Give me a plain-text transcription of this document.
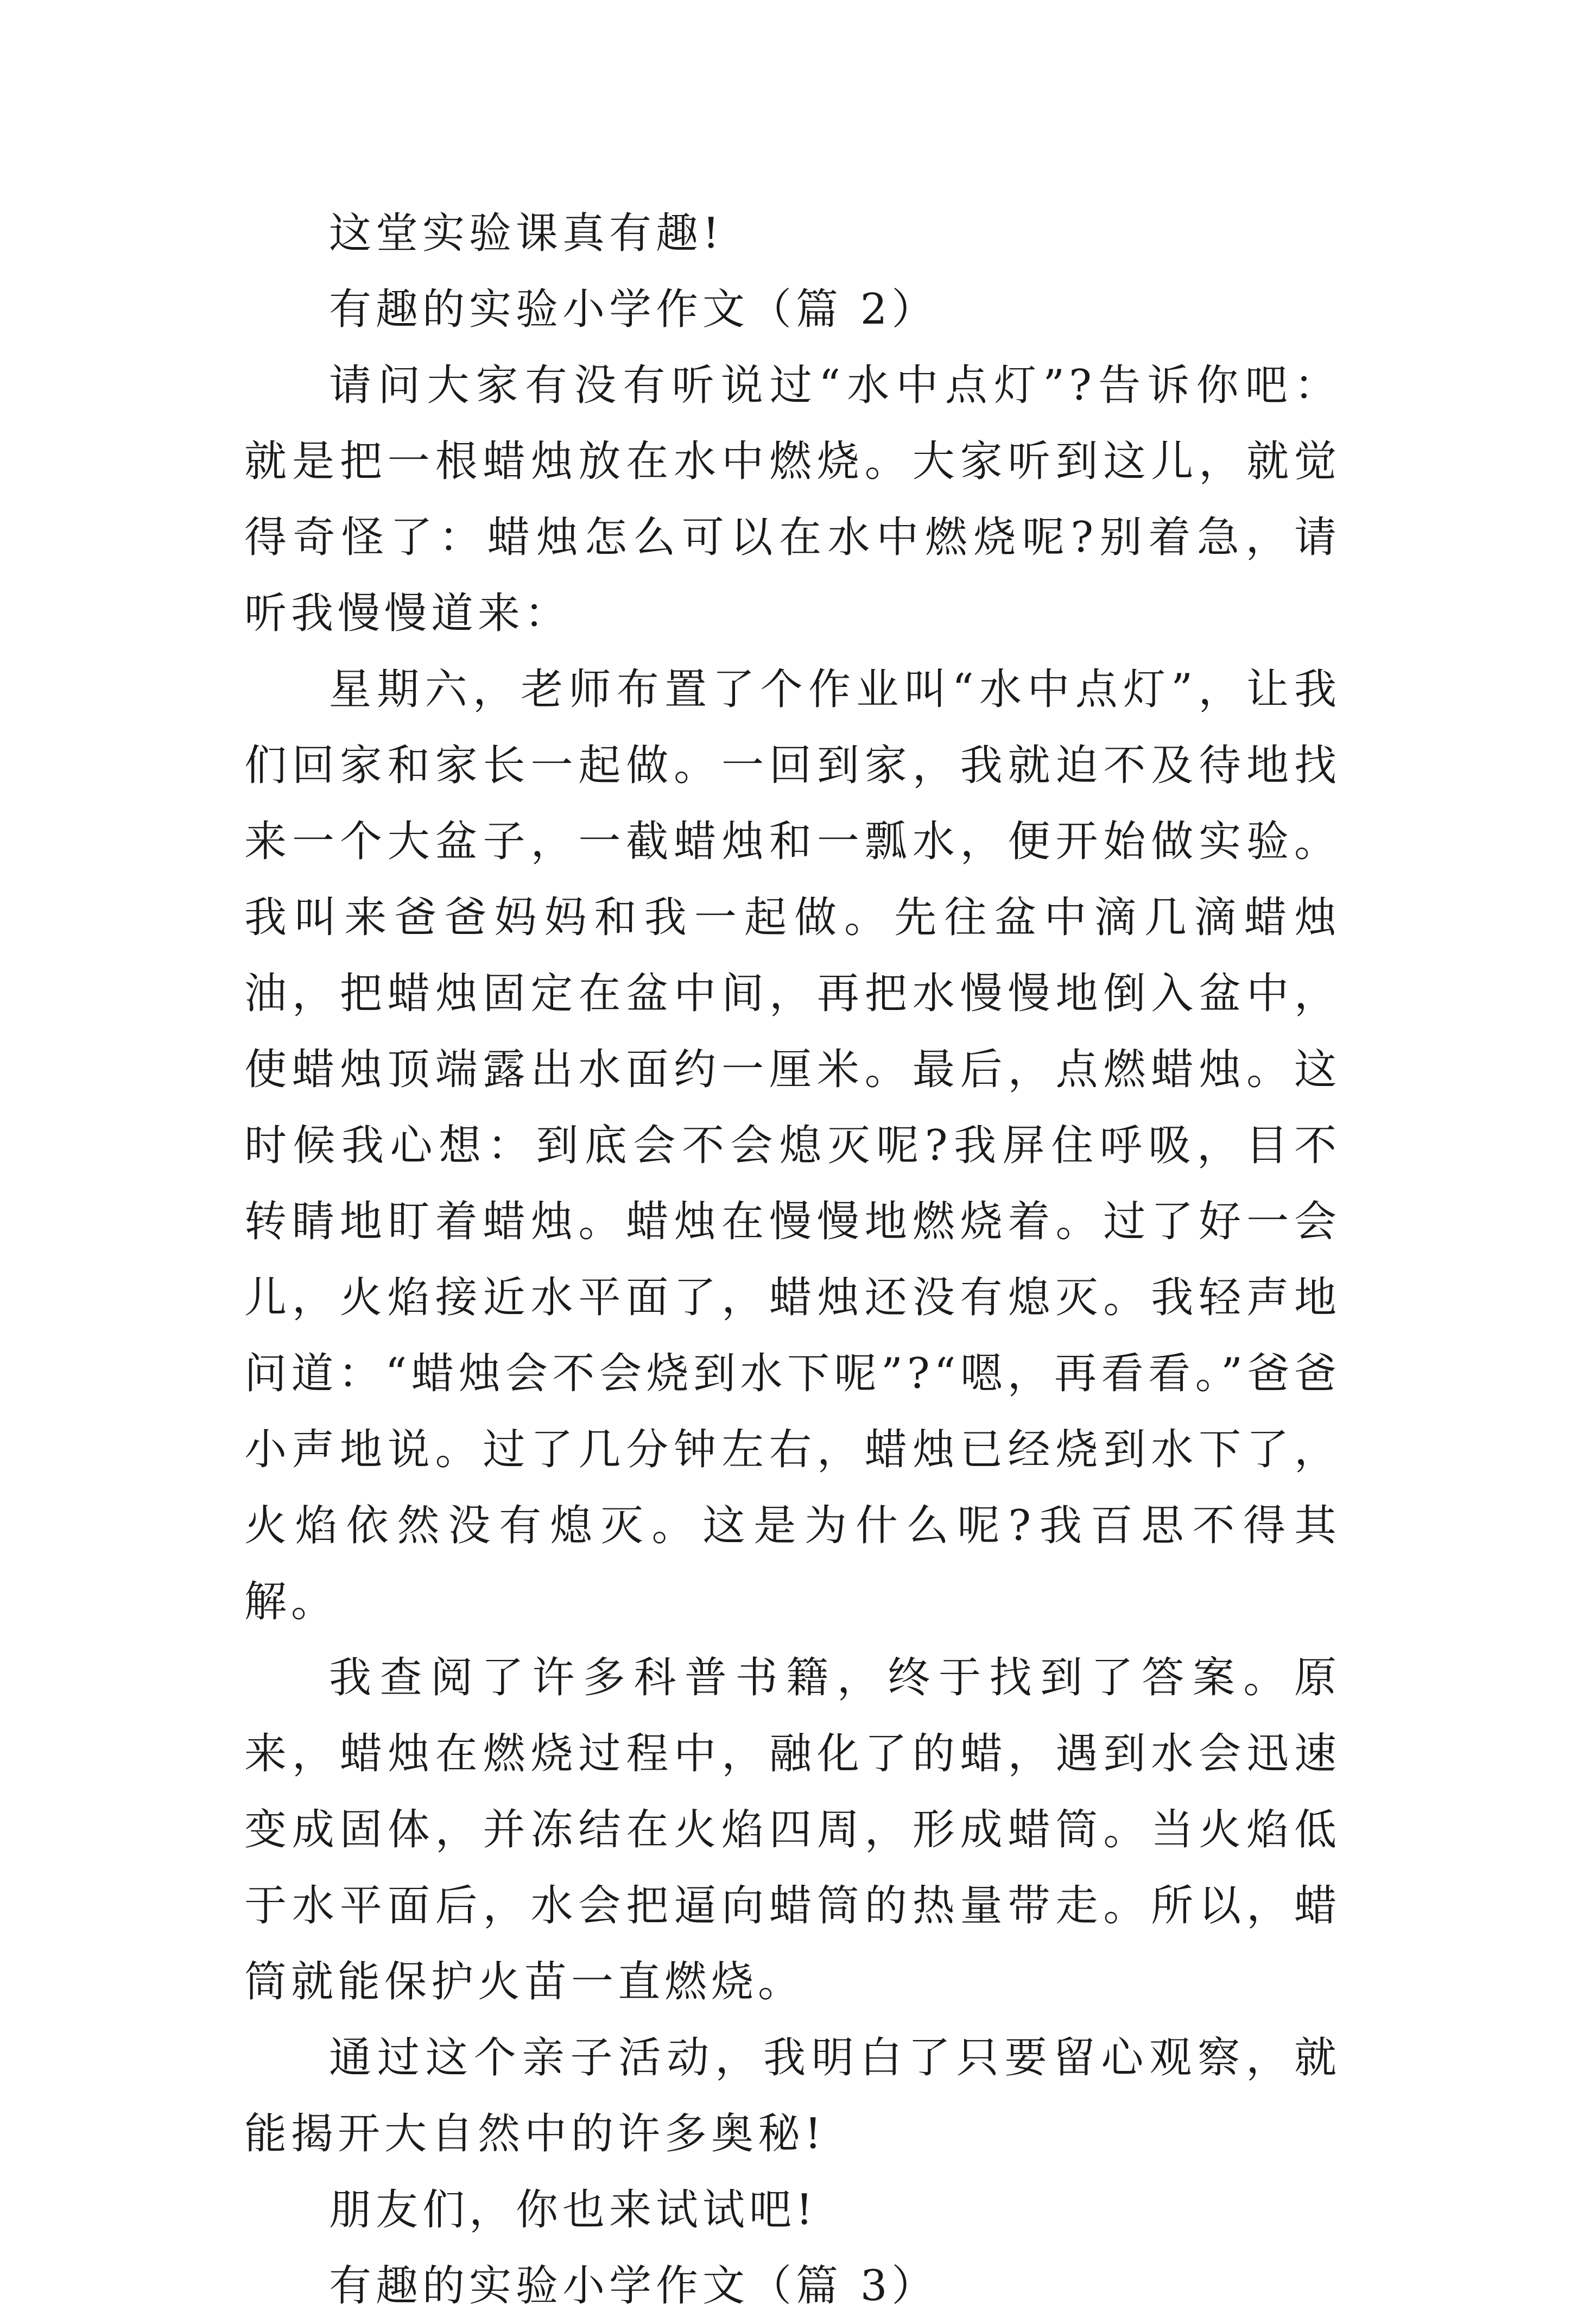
这堂实验课真有趣!

有趣的实验小学作文（篇 2）

请问大家有没有听说过“水中点灯”?告诉你吧：就是把一根蜡烛放在水中燃烧。大家听到这儿，就觉得奇怪了：蜡烛怎么可以在水中燃烧呢?别着急，请听我慢慢道来：

星期六，老师布置了个作业叫“水中点灯”，让我们回家和家长一起做。一回到家，我就迫不及待地找来一个大盆子，一截蜡烛和一瓢水，便开始做实验。我叫来爸爸妈妈和我一起做。先往盆中滴几滴蜡烛油，把蜡烛固定在盆中间，再把水慢慢地倒入盆中，使蜡烛顶端露出水面约一厘米。最后，点燃蜡烛。这时候我心想：到底会不会熄灭呢?我屏住呼吸，目不转睛地盯着蜡烛。蜡烛在慢慢地燃烧着。过了好一会儿，火焰接近水平面了，蜡烛还没有熄灭。我轻声地问道：“蜡烛会不会烧到水下呢”?“嗯，再看看。”爸爸小声地说。过了几分钟左右，蜡烛已经烧到水下了，火焰依然没有熄灭。这是为什么呢?我百思不得其解。

我查阅了许多科普书籍，终于找到了答案。原来，蜡烛在燃烧过程中，融化了的蜡，遇到水会迅速变成固体，并冻结在火焰四周，形成蜡筒。当火焰低于水平面后，水会把逼向蜡筒的热量带走。所以，蜡筒就能保护火苗一直燃烧。

通过这个亲子活动，我明白了只要留心观察，就能揭开大自然中的许多奥秘!

朋友们，你也来试试吧!

有趣的实验小学作文（篇 3）
